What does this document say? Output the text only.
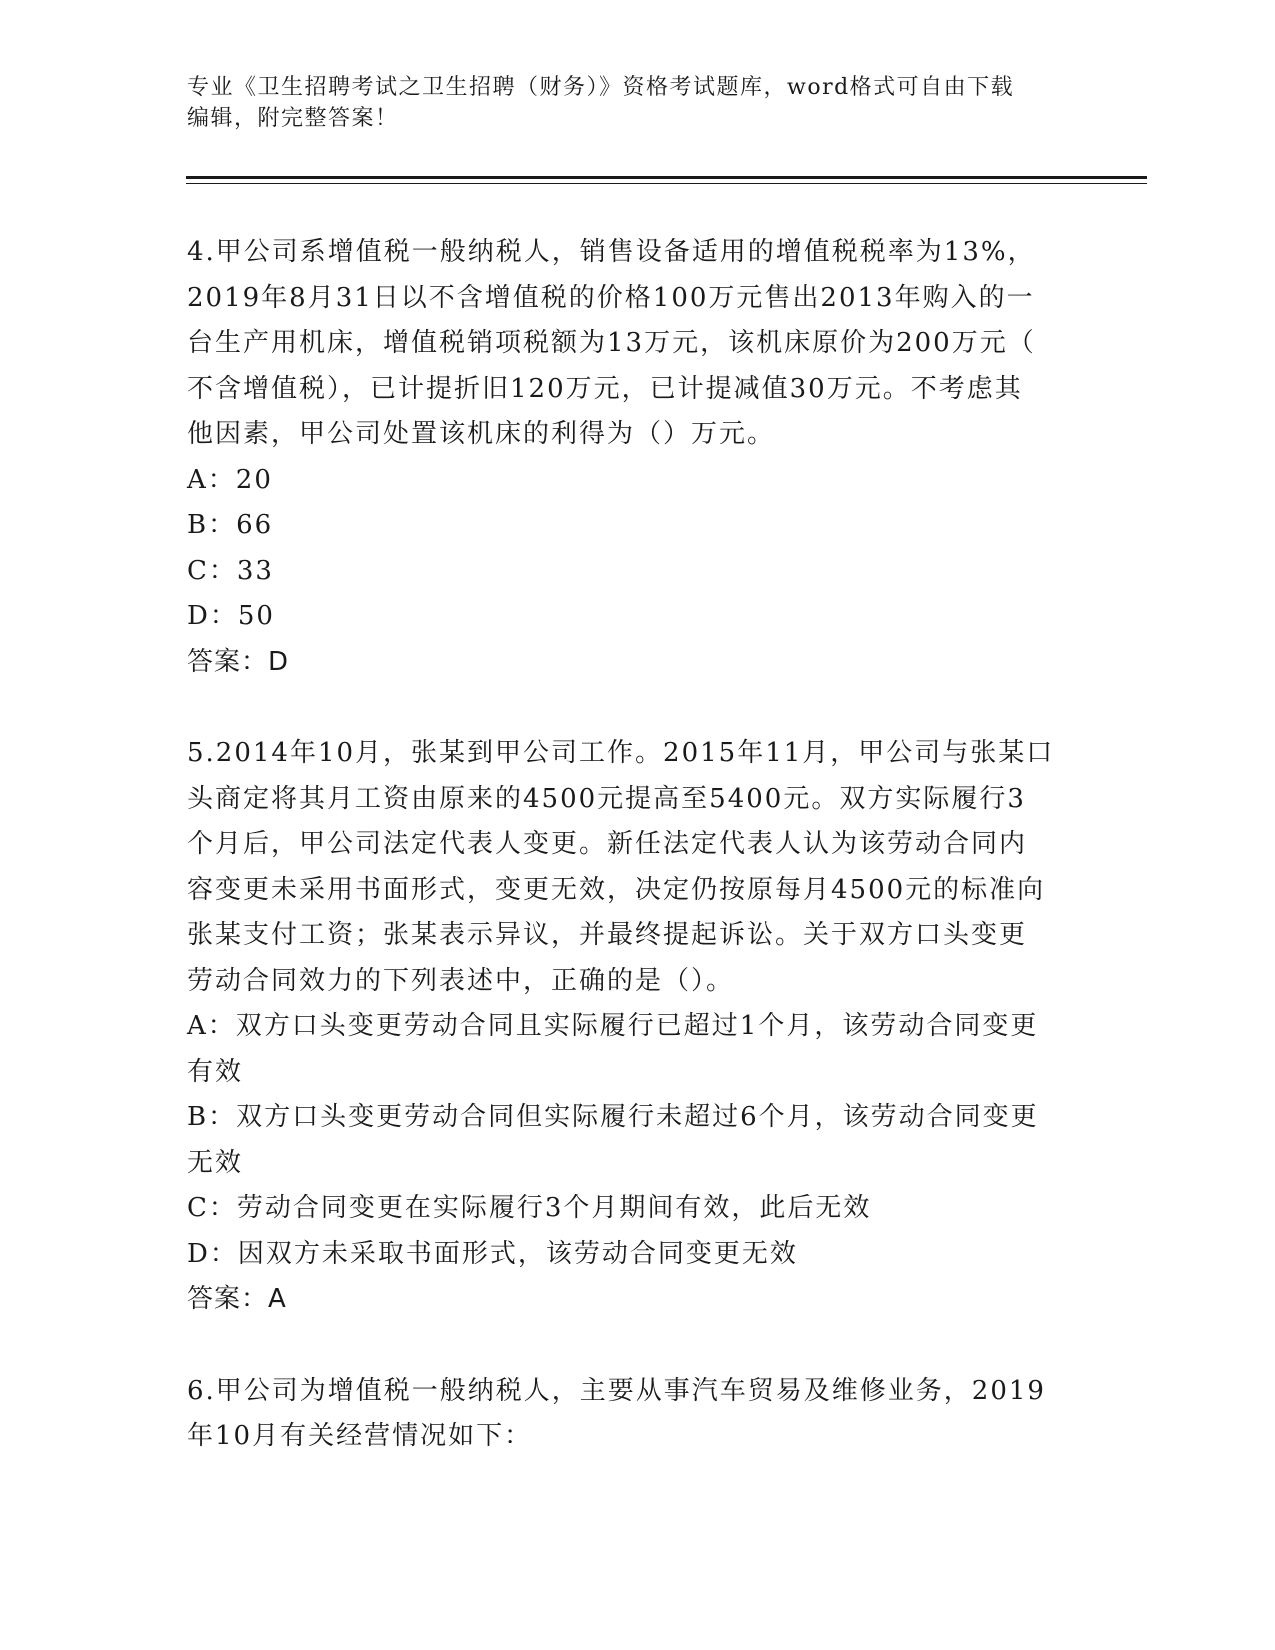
专业《卫生招聘考试之卫生招聘（财务）》资格考试题库，word格式可自由下载
编辑，附完整答案！
4.甲公司系增值税一般纳税人，销售设备适用的增值税税率为13%，
2019年8月31日以不含增值税的价格100万元售出2013年购入的一
台生产用机床，增值税销项税额为13万元，该机床原价为200万元（
不含增值税），已计提折旧120万元，已计提减值30万元。不考虑其
他因素，甲公司处置该机床的利得为（）万元。
A：20
B：66
C：33
D：50
答案：D
5.2014年10月，张某到甲公司工作。2015年11月，甲公司与张某口
头商定将其月工资由原来的4500元提高至5400元。双方实际履行3
个月后，甲公司法定代表人变更。新任法定代表人认为该劳动合同内
容变更未采用书面形式，变更无效，决定仍按原每月4500元的标准向
张某支付工资；张某表示异议，并最终提起诉讼。关于双方口头变更
劳动合同效力的下列表述中，正确的是（）。
A：双方口头变更劳动合同且实际履行已超过1个月，该劳动合同变更
有效
B：双方口头变更劳动合同但实际履行未超过6个月，该劳动合同变更
无效
C：劳动合同变更在实际履行3个月期间有效，此后无效
D：因双方未采取书面形式，该劳动合同变更无效
答案：A
6.甲公司为增值税一般纳税人，主要从事汽车贸易及维修业务，2019
年10月有关经营情况如下：
